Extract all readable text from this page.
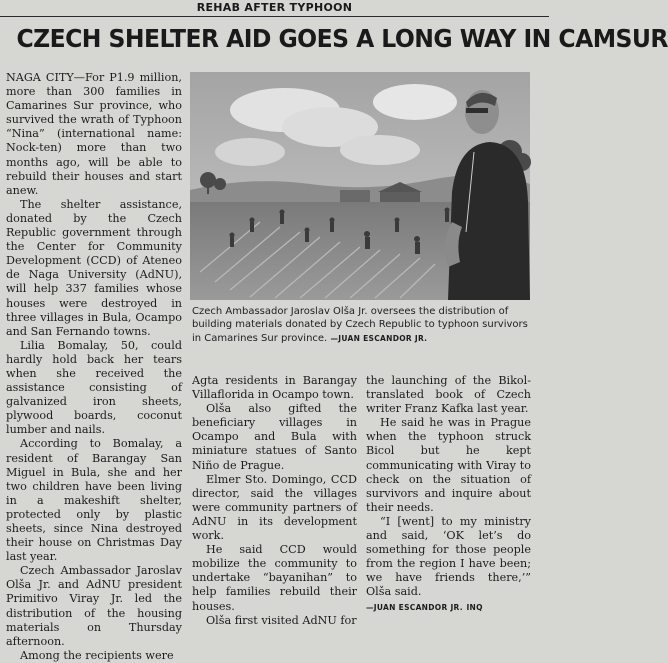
REHAB AFTER TYPHOON
CZECH SHELTER AID GOES A LONG WAY IN CAMSUR

NAGA CITY—For P1.9 million, more than 300 families in Camarines Sur province, who survived the wrath of Typhoon “Nina” (international name: Nock-ten) more than two months ago, will be able to rebuild their houses and start anew.

The shelter assistance, donated by the Czech Republic government through the Center for Community Development (CCD) of Ateneo de Naga University (AdNU), will help 337 families whose houses were destroyed in three villages in Bula, Ocampo and San Fernando towns.

Lilia Bomalay, 50, could hardly hold back her tears when she received the assistance consisting of galvanized iron sheets, plywood boards, coconut lumber and nails.

According to Bomalay, a resident of Barangay San Miguel in Bula, she and her two children have been living in a makeshift shelter, protected only by plastic sheets, since Nina destroyed their house on Christmas Day last year.

Czech Ambassador Jaroslav Olša Jr. and AdNU president Primitivo Viray Jr. led the distribution of the housing materials on Thursday afternoon.

Among the recipients were

Czech Ambassador Jaroslav Olša Jr. oversees the distribution of building materials donated by Czech Republic to typhoon survivors in Camarines Sur province. —JUAN ESCANDOR JR.

Agta residents in Barangay Villaflorida in Ocampo town.

Olša also gifted the beneficiary villages in Ocampo and Bula with miniature statues of Santo Niño de Prague.

Elmer Sto. Domingo, CCD director, said the villages were community partners of AdNU in its development work.

He said CCD would mobilize the community to undertake “bayanihan” to help families rebuild their houses.

Olša first visited AdNU for

the launching of the Bikol-translated book of Czech writer Franz Kafka last year.

He said he was in Prague when the typhoon struck Bicol but he kept communicating with Viray to check on the situation of survivors and inquire about their needs.

“I [went] to my ministry and said, ‘OK let’s do something for those people from the region I have been; we have friends there,’” Olša said.

—JUAN ESCANDOR JR. INQ
